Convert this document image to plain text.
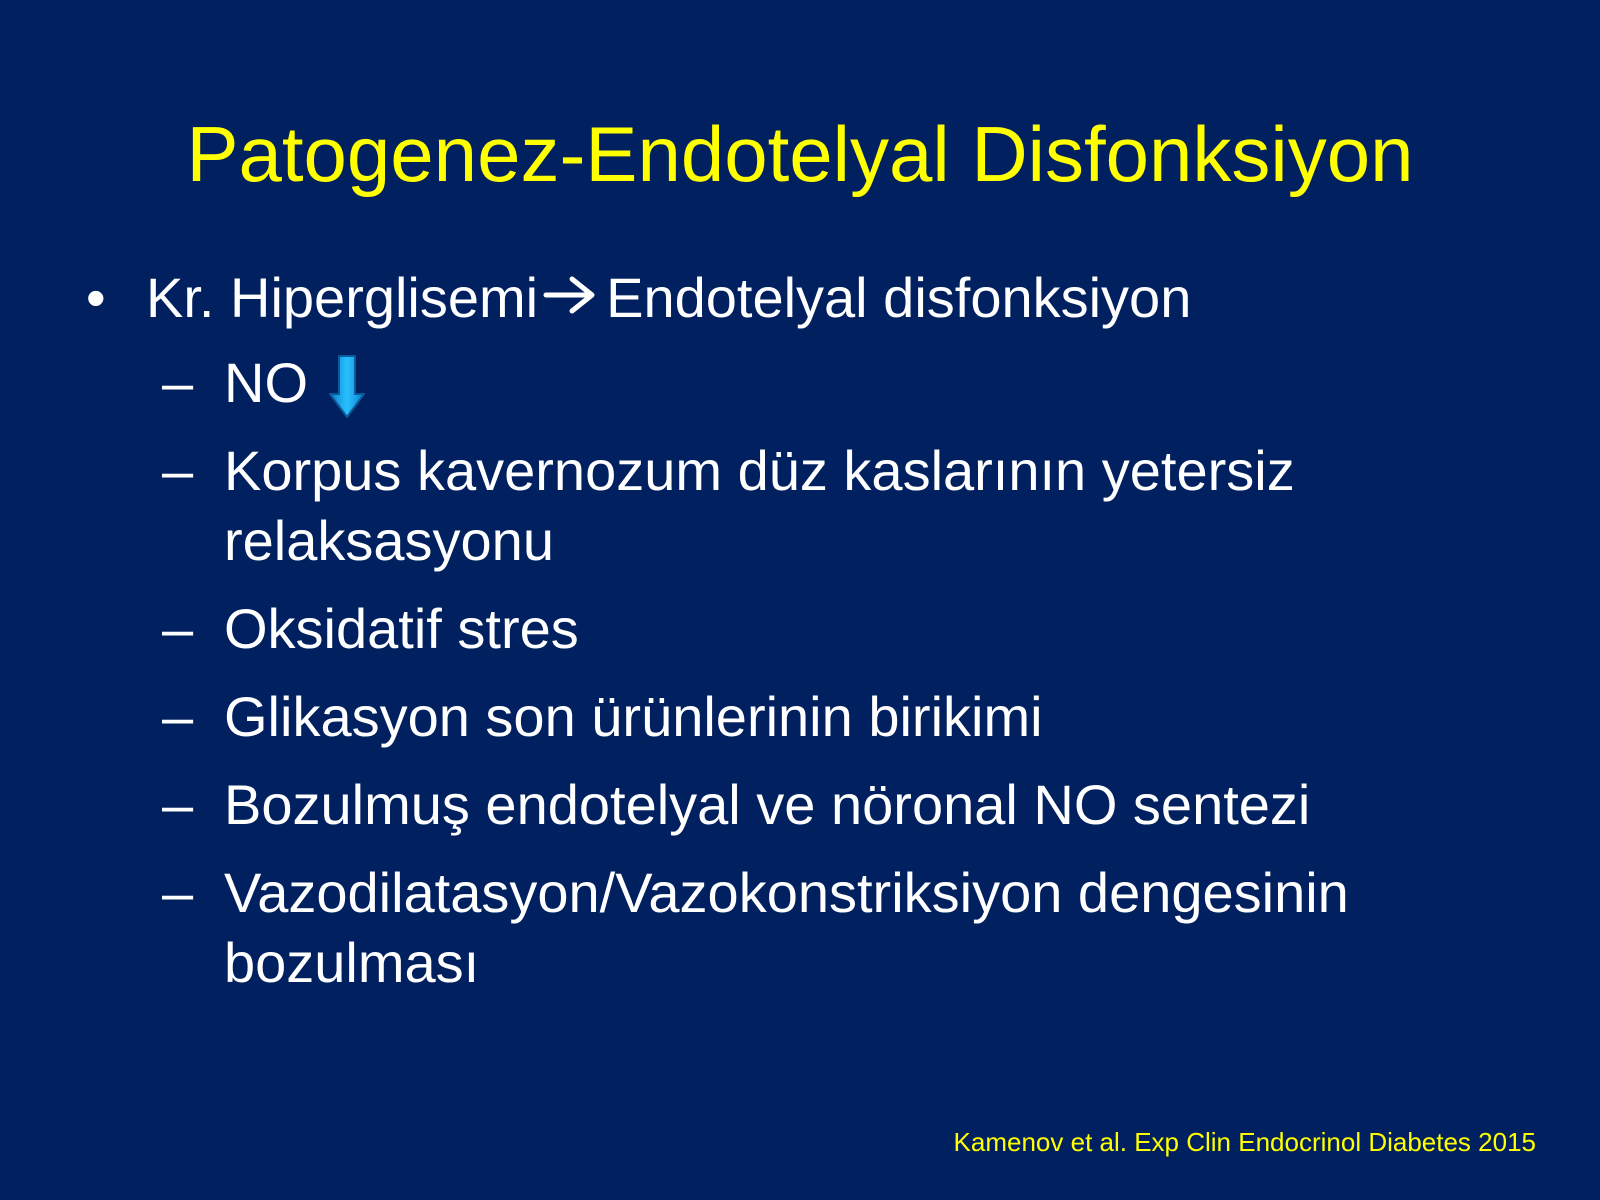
Patogenez-Endotelyal Disfonksiyon
• Kr. Hiperglisemi Endotelyal disfonksiyon
– NO
– Korpus kavernozum düz kaslarının yetersiz relaksasyonu
– Oksidatif stres
– Glikasyon son ürünlerinin birikimi
– Bozulmuş endotelyal ve nöronal NO sentezi
– Vazodilatasyon/Vazokonstriksiyon dengesinin bozulması
Kamenov et al. Exp Clin Endocrinol Diabetes 2015
